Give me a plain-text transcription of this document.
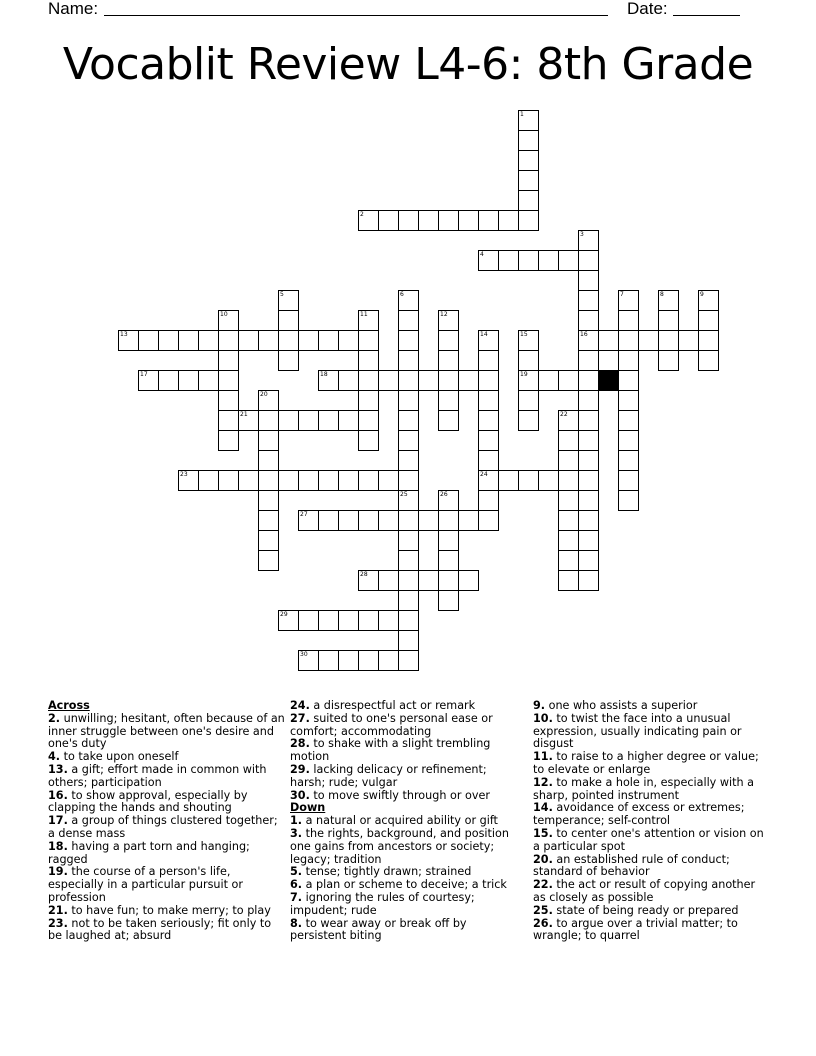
Name:	Date:
Vocablit Review L4-6: 8th Grade
1
2
3
16
4
5	6
25
7	8	9
10	11	12
13	14
24
15
19
17	18
20
21	22
23
26
27
28
29
30

Across

2. unwilling; hesitant, often because of an inner struggle between one's desire and one's duty

4. to take upon oneself

13. a gift; effort made in common with others; participation

16. to show approval, especially by clapping the hands and shouting

17. a group of things clustered together; a dense mass

18. having a part torn and hanging; ragged

19. the course of a person's life, especially in a particular pursuit or profession

21. to have fun; to make merry; to play

23. not to be taken seriously; fit only to be laughed at; absurd

24. a disrespectful act or remark

27. suited to one's personal ease or comfort; accommodating

28. to shake with a slight trembling motion

29. lacking delicacy or refinement; harsh; rude; vulgar

30. to move swiftly through or over

Down

1. a natural or acquired ability or gift

3. the rights, background, and position one gains from ancestors or society; legacy; tradition

5. tense; tightly drawn; strained

6. a plan or scheme to deceive; a trick

7. ignoring the rules of courtesy; impudent; rude

8. to wear away or break off by persistent biting

9. one who assists a superior

10. to twist the face into a unusual expression, usually indicating pain or disgust

11. to raise to a higher degree or value; to elevate or enlarge

12. to make a hole in, especially with a sharp, pointed instrument

14. avoidance of excess or extremes; temperance; self-control

15. to center one's attention or vision on a particular spot

20. an established rule of conduct; standard of behavior

22. the act or result of copying another as closely as possible

25. state of being ready or prepared

26. to argue over a trivial matter; to wrangle; to quarrel
